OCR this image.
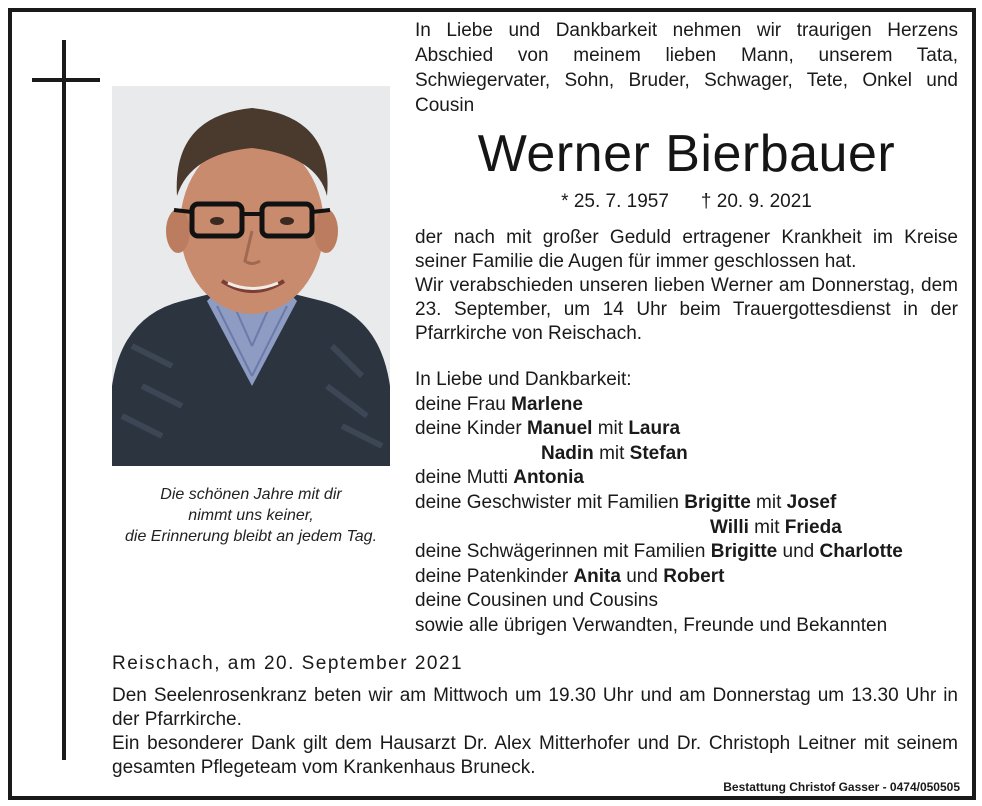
Die schönen Jahre mit dir
nimmt uns keiner,
die Erinnerung bleibt an jedem Tag.
In Liebe und Dankbarkeit nehmen wir traurigen Herzens Abschied von meinem lieben Mann, unserem Tata, Schwiegervater, Sohn, Bruder, Schwager, Tete, Onkel und Cousin
Werner Bierbauer
* 25. 7. 1957 † 20. 9. 2021

der nach mit großer Geduld ertragener Krankheit im Kreise seiner Familie die Augen für immer geschlossen hat.

Wir verabschieden unseren lieben Werner am Donnerstag, dem 23. September, um 14 Uhr beim Trauergottesdienst in der Pfarrkirche von Reischach.

In Liebe und Dankbarkeit:
deine Frau Marlene
deine Kinder Manuel mit Laura
Nadin mit Stefan
deine Mutti Antonia
deine Geschwister mit Familien Brigitte mit Josef
Willi mit Frieda
deine Schwägerinnen mit Familien Brigitte und Charlotte
deine Patenkinder Anita und Robert
deine Cousinen und Cousins
sowie alle übrigen Verwandten, Freunde und Bekannten
Reischach, am 20. September 2021

Den Seelenrosenkranz beten wir am Mittwoch um 19.30 Uhr und am Donnerstag um 13.30 Uhr in der Pfarrkirche.

Ein besonderer Dank gilt dem Hausarzt Dr. Alex Mitterhofer und Dr. Christoph Leitner mit seinem gesamten Pflegeteam vom Krankenhaus Bruneck.

Bestattung Christof Gasser - 0474/050505
